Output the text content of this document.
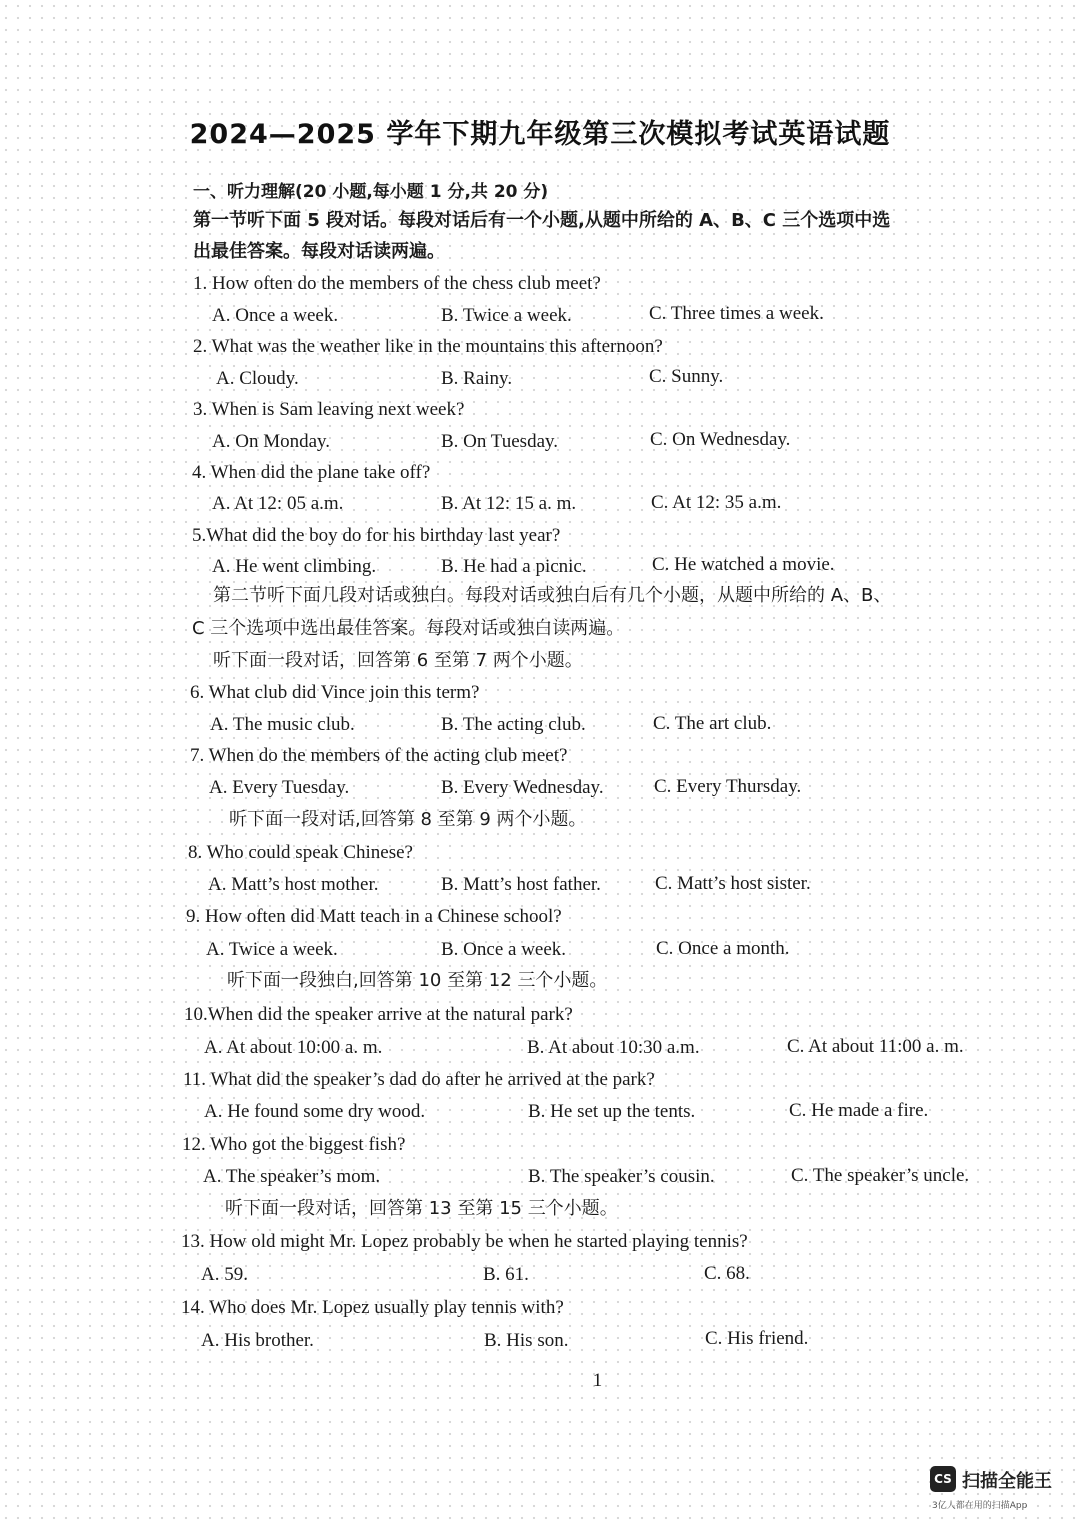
2024—2025 学年下期九年级第三次模拟考试英语试题
一、听力理解(20 小题,每小题 1 分,共 20 分)
第一节听下面 5 段对话。每段对话后有一个小题,从题中所给的 A、B、C 三个选项中选
出最佳答案。每段对话读两遍。
1. How often do the members of the chess club meet?
A. Once a week.	B. Twice a week.	C. Three times a week.
2. What was the weather like in the mountains this afternoon?
A. Cloudy.	B. Rainy.	C. Sunny.
3. When is Sam leaving next week?
A. On Monday.	B. On Tuesday.	C. On Wednesday.
4. When did the plane take off?
A. At 12: 05 a.m.	B. At 12: 15 a. m.	C. At 12: 35 a.m.
5.What did the boy do for his birthday last year?
A. He went climbing.	B. He had a picnic.	C. He watched a movie.
第二节听下面几段对话或独白。每段对话或独白后有几个小题，从题中所给的 A、B、
C 三个选项中选出最佳答案。每段对话或独白读两遍。
听下面一段对话，回答第 6 至第 7 两个小题。
6. What club did Vince join this term?
A. The music club.	B. The acting club.	C. The art club.
7. When do the members of the acting club meet?
A. Every Tuesday.	B. Every Wednesday.	C. Every Thursday.
听下面一段对话,回答第 8 至第 9 两个小题。
8. Who could speak Chinese?
A. Matt’s host mother.	B. Matt’s host father.	C. Matt’s host sister.
9. How often did Matt teach in a Chinese school?
A. Twice a week.	B. Once a week.	C. Once a month.
听下面一段独白,回答第 10 至第 12 三个小题。
10.When did the speaker arrive at the natural park?
A. At about 10:00 a. m.	B. At about 10:30 a.m.	C. At about 11:00 a. m.
11. What did the speaker’s dad do after he arrived at the park?
A. He found some dry wood.	B. He set up the tents.	C. He made a fire.
12. Who got the biggest fish?
A. The speaker’s mom.	B. The speaker’s cousin.	C. The speaker’s uncle.
听下面一段对话，回答第 13 至第 15 三个小题。
13. How old might Mr. Lopez probably be when he started playing tennis?
A. 59.	B. 61.	C. 68.
14. Who does Mr. Lopez usually play tennis with?
A. His brother.	B. His son.	C. His friend.
1
CS 扫描全能王
3亿人都在用的扫描App
